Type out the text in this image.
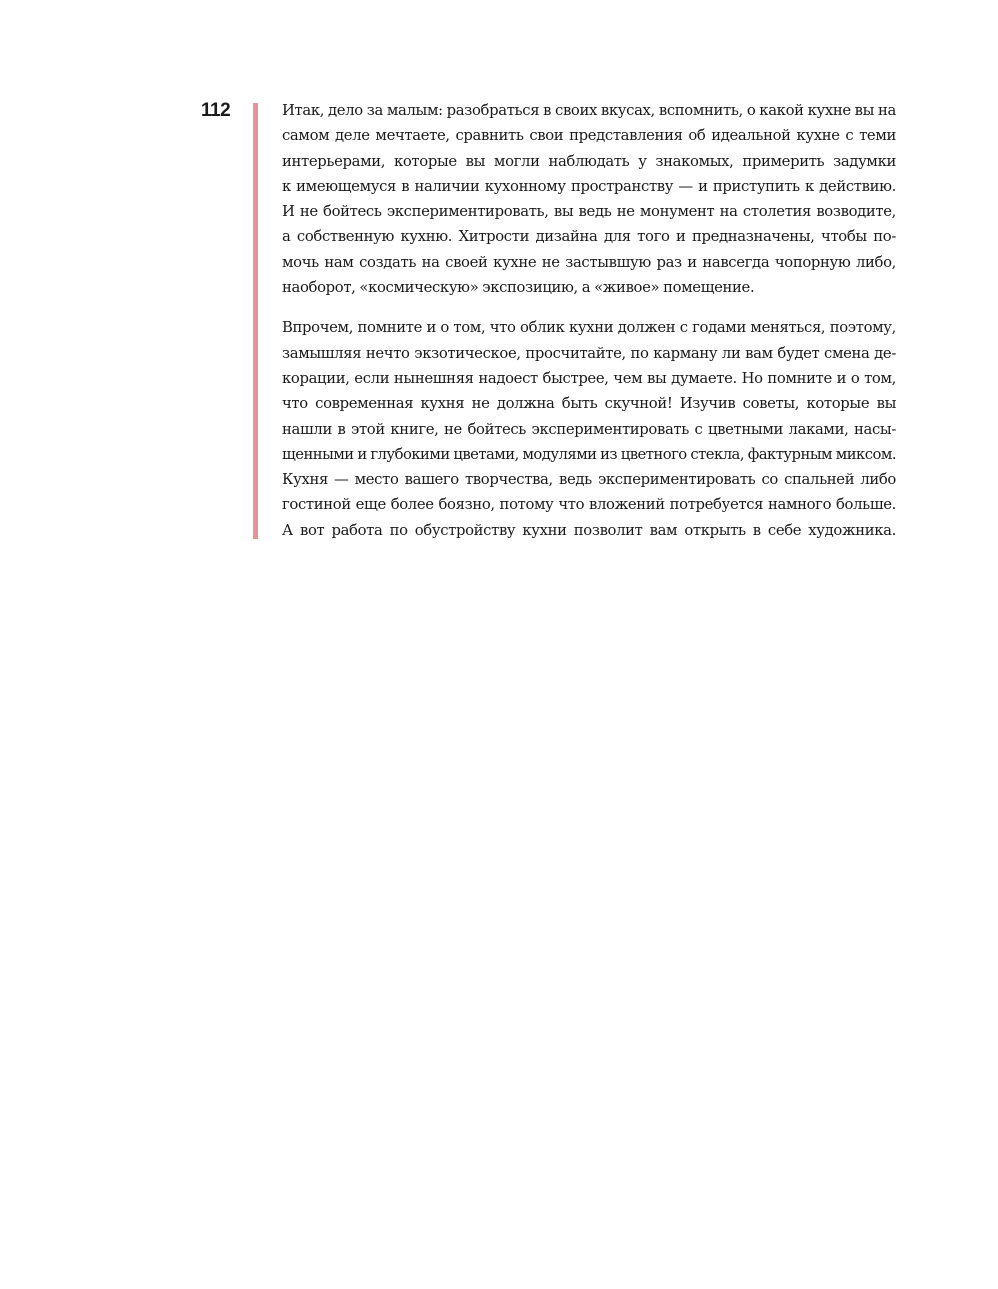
112	Итак, дело за малым: разобраться в своих вкусах, вспомнить, о какой кухне вы на
самом деле мечтаете, сравнить свои представления об идеальной кухне с теми
интерьерами, которые вы могли наблюдать у знакомых, примерить задумки
к имеющемуся в наличии кухонному пространству — и приступить к действию.
И не бойтесь экспериментировать, вы ведь не монумент на столетия возводите,
а собственную кухню. Хитрости дизайна для того и предназначены, чтобы по-
мочь нам создать на своей кухне не застывшую раз и навсегда чопорную либо,
наоборот, «космическую» экспозицию, а «живое» помещение.

Впрочем, помните и о том, что облик кухни должен с годами меняться, поэтому,
замышляя нечто экзотическое, просчитайте, по карману ли вам будет смена де-
корации, если нынешняя надоест быстрее, чем вы думаете. Но помните и о том,
что современная кухня не должна быть скучной! Изучив советы, которые вы
нашли в этой книге, не бойтесь экспериментировать с цветными лаками, насы-
щенными и глубокими цветами, модулями из цветного стекла, фактурным миксом.
Кухня — место вашего творчества, ведь экспериментировать со спальней либо
гостиной еще более боязно, потому что вложений потребуется намного больше.
А вот работа по обустройству кухни позволит вам открыть в себе художника.
